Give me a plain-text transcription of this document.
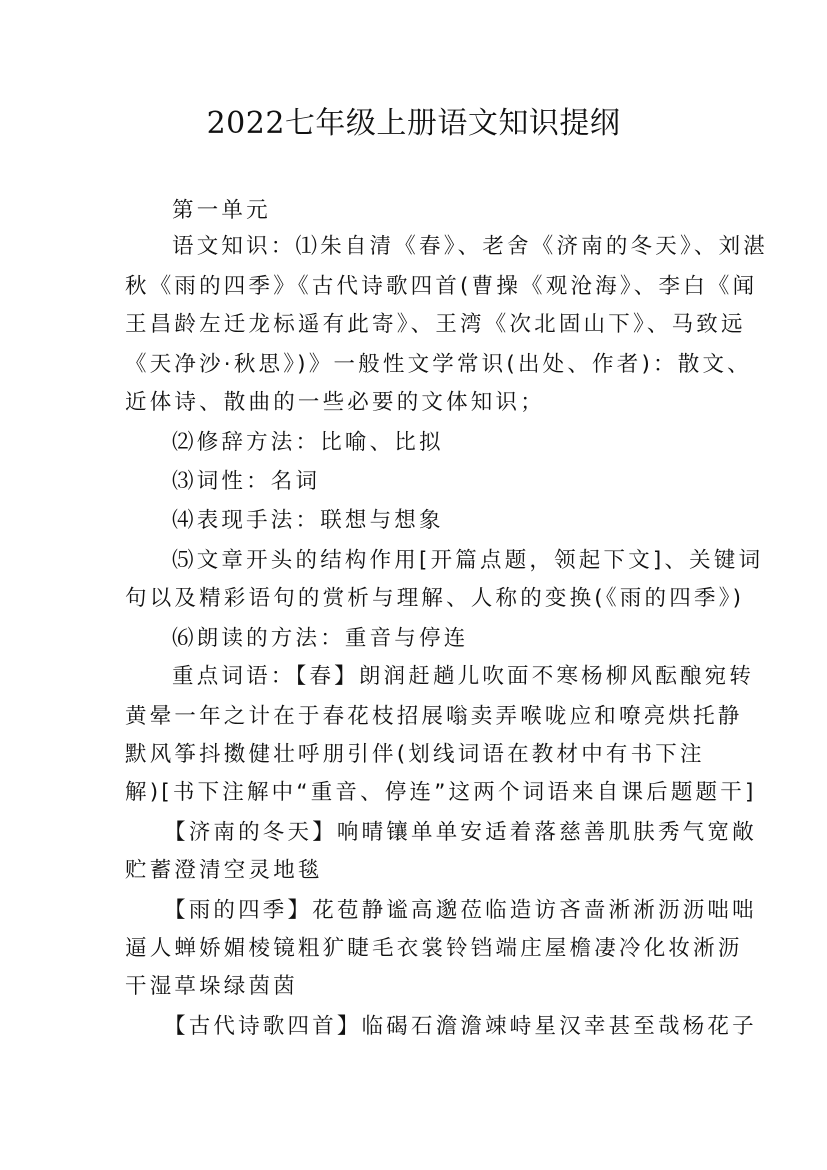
2022七年级上册语文知识提纲

第一单元

语文知识：⑴朱自清《春》、老舍《济南的冬天》、刘湛

秋《雨的四季》《古代诗歌四首(曹操《观沧海》、李白《闻

王昌龄左迁龙标遥有此寄》、王湾《次北固山下》、马致远

《天净沙·秋思》)》一般性文学常识(出处、作者)：散文、

近体诗、散曲的一些必要的文体知识；

⑵修辞方法：比喻、比拟

⑶词性：名词

⑷表现手法：联想与想象

⑸文章开头的结构作用[开篇点题，领起下文]、关键词

句以及精彩语句的赏析与理解、人称的变换(《雨的四季》)

⑹朗读的方法：重音与停连

重点词语：【春】朗润赶趟儿吹面不寒杨柳风酝酿宛转

黄晕一年之计在于春花枝招展嗡卖弄喉咙应和嘹亮烘托静

默风筝抖擞健壮呼朋引伴(划线词语在教材中有书下注

解)[书下注解中“重音、停连”这两个词语来自课后题题干]

【济南的冬天】响晴镶单单安适着落慈善肌肤秀气宽敞

贮蓄澄清空灵地毯

【雨的四季】花苞静谧高邈莅临造访吝啬淅淅沥沥咄咄

逼人蝉娇媚棱镜粗犷睫毛衣裳铃铛端庄屋檐凄冷化妆淅沥

干湿草垛绿茵茵

【古代诗歌四首】临碣石澹澹竦峙星汉幸甚至哉杨花子
